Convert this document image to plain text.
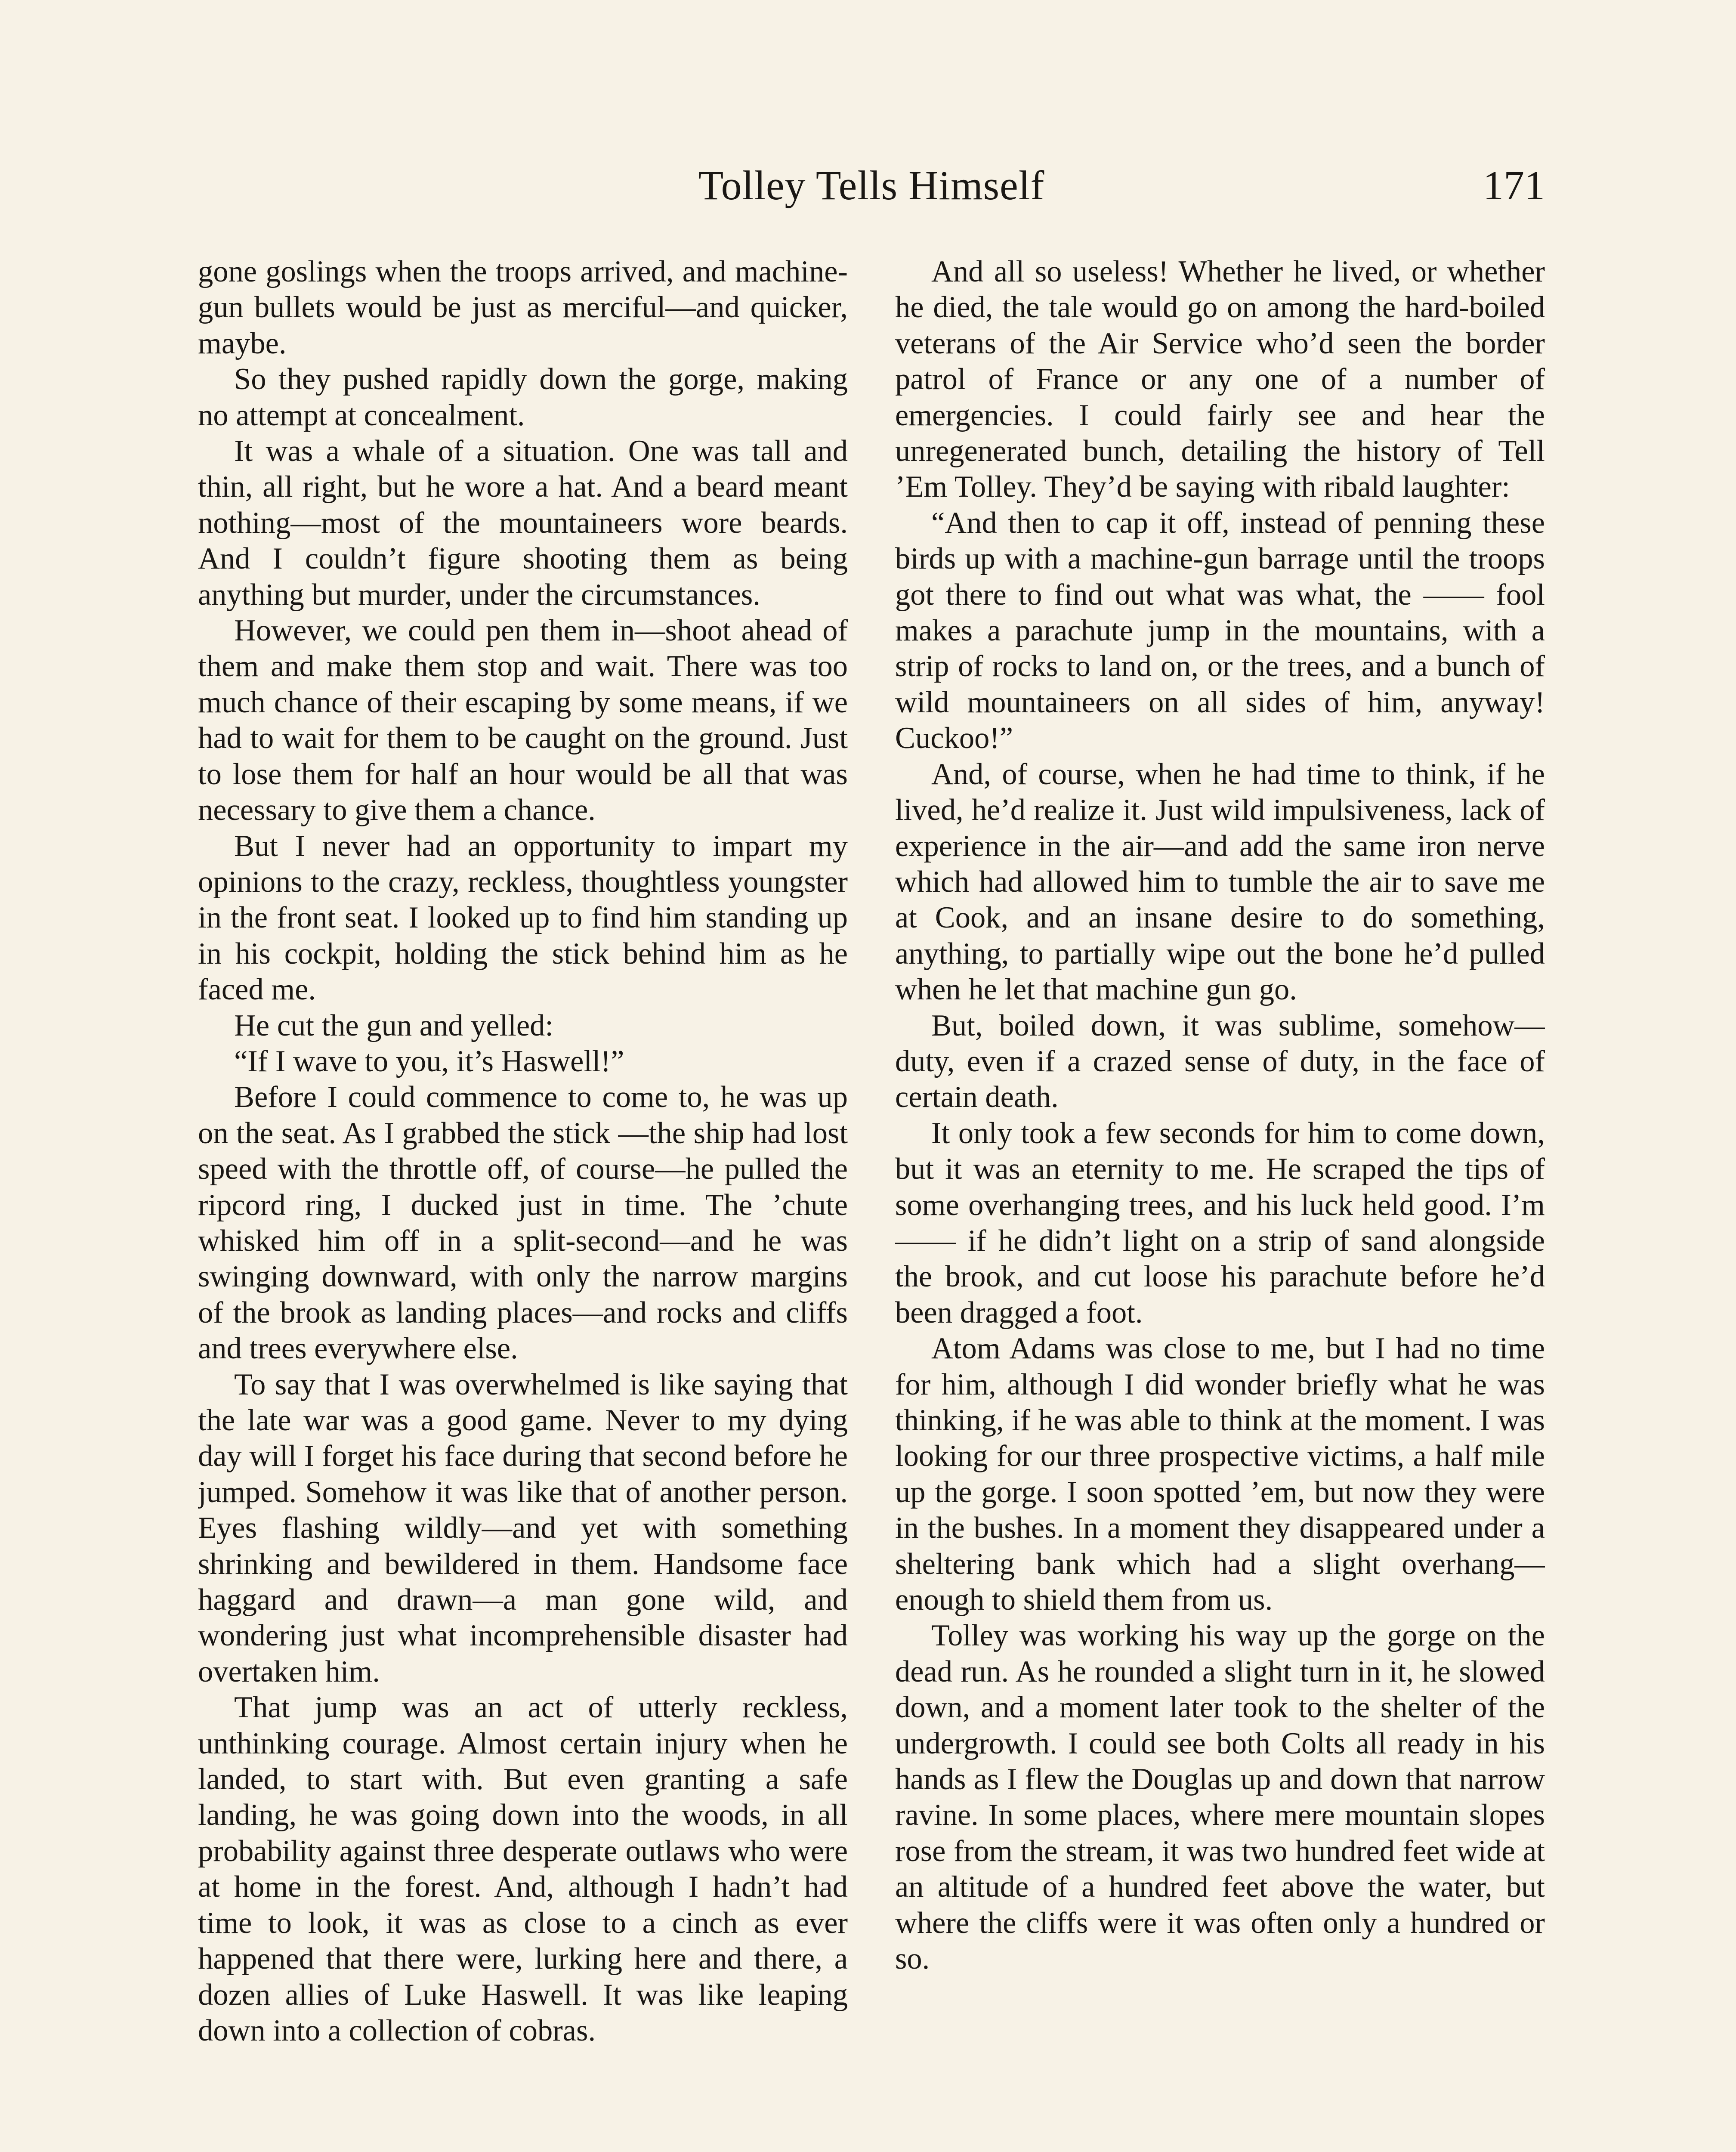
Tolley Tells Himself	171

gone goslings when the troops arrived, and machine-gun bullets would be just as merciful—and quicker, maybe.

So they pushed rapidly down the gorge, making no attempt at concealment.

It was a whale of a situation. One was tall and thin, all right, but he wore a hat. And a beard meant nothing—most of the mountaineers wore beards. And I couldn’t figure shooting them as being anything but murder, under the circumstances.

However, we could pen them in—shoot ahead of them and make them stop and wait. There was too much chance of their escaping by some means, if we had to wait for them to be caught on the ground. Just to lose them for half an hour would be all that was necessary to give them a chance.

But I never had an opportunity to impart my opinions to the crazy, reckless, thoughtless youngster in the front seat. I looked up to find him standing up in his cockpit, holding the stick behind him as he faced me.

He cut the gun and yelled:

“If I wave to you, it’s Haswell!”

Before I could commence to come to, he was up on the seat. As I grabbed the stick —the ship had lost speed with the throttle off, of course—he pulled the ripcord ring, I ducked just in time. The ’chute whisked him off in a split-second—and he was swinging downward, with only the narrow margins of the brook as landing places—and rocks and cliffs and trees everywhere else.

To say that I was overwhelmed is like saying that the late war was a good game. Never to my dying day will I forget his face during that second before he jumped. Somehow it was like that of another person. Eyes flashing wildly—and yet with something shrinking and bewildered in them. Handsome face haggard and drawn—a man gone wild, and wondering just what incomprehensible disaster had overtaken him.

That jump was an act of utterly reckless, unthinking courage. Almost certain injury when he landed, to start with. But even granting a safe landing, he was going down into the woods, in all probability against three desperate outlaws who were at home in the forest. And, although I hadn’t had time to look, it was as close to a cinch as ever happened that there were, lurking here and there, a dozen allies of Luke Haswell. It was like leaping down into a collection of cobras.

And all so useless! Whether he lived, or whether he died, the tale would go on among the hard-boiled veterans of the Air Service who’d seen the border patrol of France or any one of a number of emergencies. I could fairly see and hear the unregenerated bunch, detailing the history of Tell ’Em Tolley. They’d be saying with ribald laughter:

“And then to cap it off, instead of penning these birds up with a machine-gun barrage until the troops got there to find out what was what, the —— fool makes a parachute jump in the mountains, with a strip of rocks to land on, or the trees, and a bunch of wild mountaineers on all sides of him, anyway! Cuckoo!”

And, of course, when he had time to think, if he lived, he’d realize it. Just wild impulsiveness, lack of experience in the air—and add the same iron nerve which had allowed him to tumble the air to save me at Cook, and an insane desire to do something, anything, to partially wipe out the bone he’d pulled when he let that machine gun go.

But, boiled down, it was sublime, somehow—duty, even if a crazed sense of duty, in the face of certain death.

It only took a few seconds for him to come down, but it was an eternity to me. He scraped the tips of some overhanging trees, and his luck held good. I’m —— if he didn’t light on a strip of sand alongside the brook, and cut loose his parachute before he’d been dragged a foot.

Atom Adams was close to me, but I had no time for him, although I did wonder briefly what he was thinking, if he was able to think at the moment. I was looking for our three prospective victims, a half mile up the gorge. I soon spotted ’em, but now they were in the bushes. In a moment they disappeared under a sheltering bank which had a slight overhang—enough to shield them from us.

Tolley was working his way up the gorge on the dead run. As he rounded a slight turn in it, he slowed down, and a moment later took to the shelter of the undergrowth. I could see both Colts all ready in his hands as I flew the Douglas up and down that narrow ravine. In some places, where mere mountain slopes rose from the stream, it was two hundred feet wide at an altitude of a hundred feet above the water, but where the cliffs were it was often only a hundred or so.
